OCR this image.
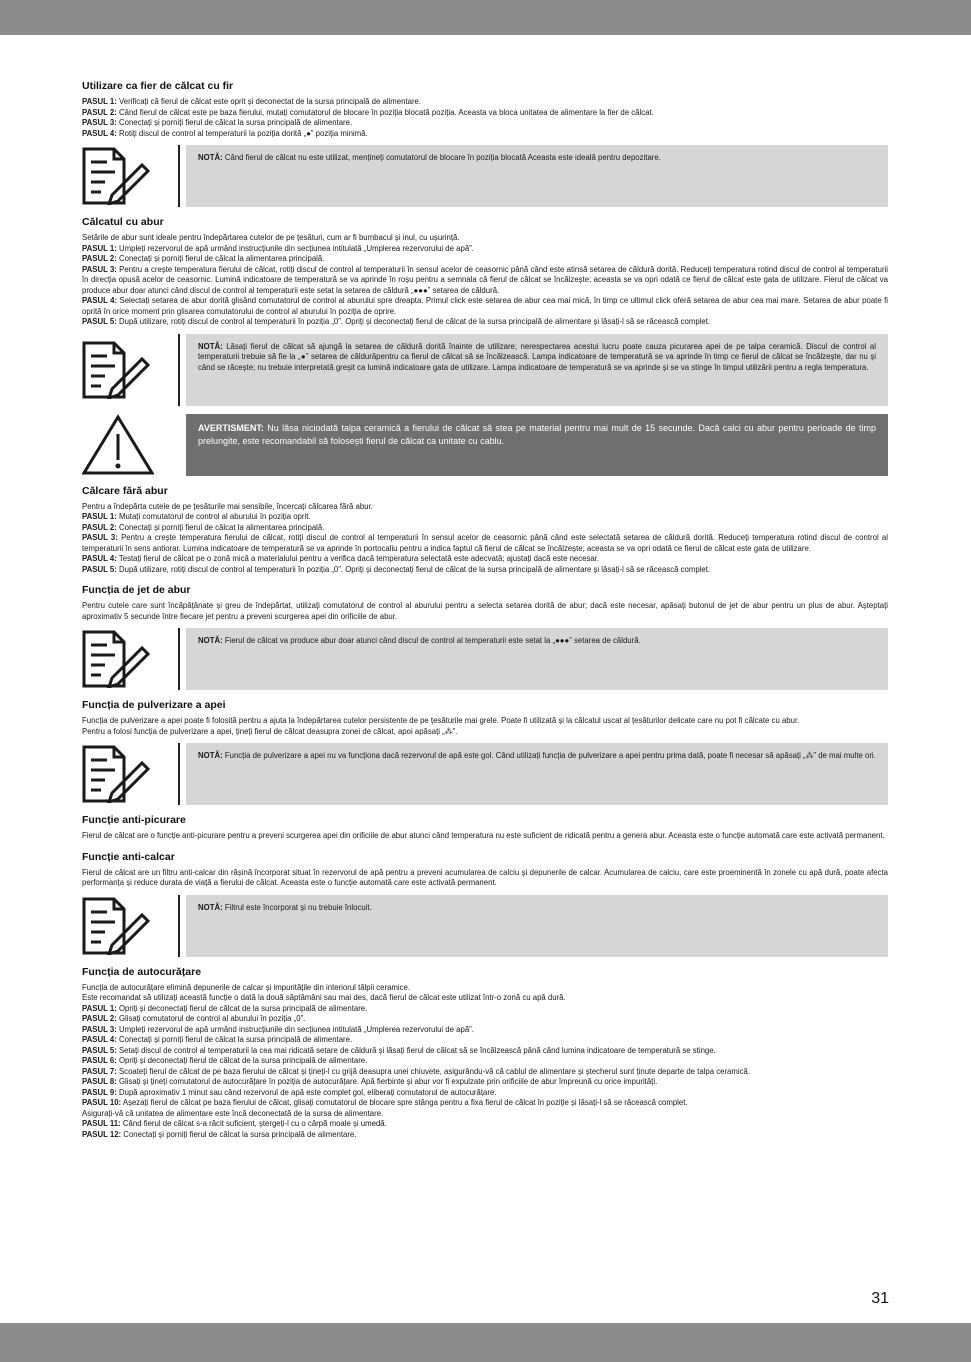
Utilizare ca fier de călcat cu fir

PASUL 1: Verificați că fierul de călcat este oprit și deconectat de la sursa principală de alimentare.

PASUL 2: Când fierul de călcat este pe baza fierului, mutați comutatorul de blocare în poziția blocată poziția. Aceasta va bloca unitatea de alimentare la fier de călcat.

PASUL 3: Conectați și porniți fierul de călcat la sursa principală de alimentare.

PASUL 4: Rotiți discul de control al temperaturii la poziția dorită „●” poziția minimă.

NOTĂ: Când fierul de călcat nu este utilizat, mențineți comutatorul de blocare în poziția blocată Aceasta este ideală pentru depozitare.
Călcatul cu abur

Setările de abur sunt ideale pentru îndepărtarea cutelor de pe țesături, cum ar fi bumbacul și inul, cu ușurință.

PASUL 1: Umpleți rezervorul de apă urmând instrucțiunile din secțiunea intitulată „Umplerea rezervorului de apă”.

PASUL 2: Conectați și porniți fierul de călcat la alimentarea principală.

PASUL 3: Pentru a crește temperatura fierului de călcat, rotiți discul de control al temperaturii în sensul acelor de ceasornic până când este atinsă setarea de căldură dorită. Reduceți temperatura rotind discul de control al temperaturii în direcția opusă acelor de ceasornic. Lumină indicatoare de temperatură se va aprinde în roșu pentru a semnala că fierul de călcat se încălzește; aceasta se va opri odată ce fierul de călcat este gata de utilizare. Fierul de călcat va produce abur doar atunci când discul de control al temperaturii este setat la setarea de căldură „●●●” setarea de căldură.

PASUL 4: Selectați setarea de abur dorită glisând comutatorul de control al aburului spre dreapta. Primul click este setarea de abur cea mai mică, în timp ce ultimul click oferă setarea de abur cea mai mare. Setarea de abur poate fi oprită în orice moment prin glisarea comutatorului de control al aburului în poziția de oprire.

PASUL 5: După utilizare, rotiți discul de control al temperaturii în poziția „0”. Opriți și deconectați fierul de călcat de la sursa principală de alimentare și lăsați-l să se răcească complet.

NOTĂ: Lăsați fierul de călcat să ajungă la setarea de căldură dorită înainte de utilizare; nerespectarea acestui lucru poate cauza picurarea apei de pe talpa ceramică. Discul de control al temperaturii trebuie să fie la „●” setarea de căldurăpentru ca fierul de călcat să se încălzească. Lampa indicatoare de temperatură se va aprinde în timp ce fierul de călcat se încălzește, dar nu și când se răcește; nu trebuie interpretată greșit ca lumină indicatoare gata de utilizare. Lampa indicatoare de temperatură se va aprinde și se va stinge în timpul utilizării pentru a regla temperatura.
AVERTISMENT: Nu lăsa niciodată talpa ceramică a fierului de călcat să stea pe material pentru mai mult de 15 secunde. Dacă calci cu abur pentru perioade de timp prelungite, este recomandabil să folosești fierul de călcat ca unitate cu cablu.
Călcare fără abur

Pentru a îndepărta cutele de pe țesăturile mai sensibile, încercați călcarea fără abur.

PASUL 1: Mutați comutatorul de control al aburului în poziția oprit.

PASUL 2: Conectați și porniți fierul de călcat la alimentarea principală.

PASUL 3: Pentru a crește temperatura fierului de călcat, rotiți discul de control al temperaturii în sensul acelor de ceasornic până când este selectată setarea de căldură dorită. Reduceți temperatura rotind discul de control al temperaturii în sens antiorar. Lumina indicatoare de temperatură se va aprinde în portocaliu pentru a indica faptul că fierul de călcat se încălzește; aceasta se va opri odată ce fierul de călcat este gata de utilizare.

PASUL 4: Testați fierul de călcat pe o zonă mică a materialului pentru a verifica dacă temperatura selectată este adecvată; ajustați dacă este necesar.

PASUL 5: După utilizare, rotiți discul de control al temperaturii în poziția „0”. Opriți și deconectați fierul de călcat de la sursa principală de alimentare și lăsați-l să se răcească complet.

Funcția de jet de abur

Pentru cutele care sunt încăpățânate și greu de îndepărtat, utilizați comutatorul de control al aburului pentru a selecta setarea dorită de abur; dacă este necesar, apăsați butonul de jet de abur pentru un plus de abur. Așteptați aproximativ 5 secunde între fiecare jet pentru a preveni scurgerea apei din orificiile de abur.

NOTĂ: Fierul de călcat va produce abur doar atunci când discul de control al temperaturii este setat la „●●●” setarea de căldură.
Funcția de pulverizare a apei

Funcția de pulverizare a apei poate fi folosită pentru a ajuta la îndepărtarea cutelor persistente de pe țesăturile mai grele. Poate fi utilizată și la călcatul uscat al țesăturilor delicate care nu pot fi călcate cu abur.

Pentru a folosi funcția de pulverizare a apei, țineți fierul de călcat deasupra zonei de călcat, apoi apăsați „⁂”.

NOTĂ: Funcția de pulverizare a apei nu va funcționa dacă rezervorul de apă este gol. Când utilizați funcția de pulverizare a apei pentru prima dată, poate fi necesar să apăsați „⁂” de mai multe ori.
Funcție anti-picurare

Fierul de călcat are o funcție anti-picurare pentru a preveni scurgerea apei din orificiile de abur atunci când temperatura nu este suficient de ridicată pentru a genera abur. Aceasta este o funcție automată care este activată permanent.

Funcție anti-calcar

Fierul de călcat are un filtru anti-calcar din rășină încorporat situat în rezervorul de apă pentru a preveni acumularea de calciu și depunerile de calcar. Acumularea de calciu, care este proeminentă în zonele cu apă dură, poate afecta performanța și reduce durata de viață a fierului de călcat. Aceasta este o funcție automată care este activată permanent.

NOTĂ: Filtrul este încorporat și nu trebuie înlocuit.
Funcția de autocurățare

Funcția de autocurățare elimină depunerile de calcar și impuritățile din interiorul tălpii ceramice.

Este recomandat să utilizați această funcție o dată la două săptămâni sau mai des, dacă fierul de călcat este utilizat într-o zonă cu apă dură.

PASUL 1: Opriți și deconectați fierul de călcat de la sursa principală de alimentare.

PASUL 2: Glisați comutatorul de control al aburului în poziția „0”.

PASUL 3: Umpleți rezervorul de apă urmând instrucțiunile din secțiunea intitulată „Umplerea rezervorului de apă”.

PASUL 4: Conectați și porniți fierul de călcat la sursa principală de alimentare.

PASUL 5: Setați discul de control al temperaturii la cea mai ridicată setare de căldură și lăsați fierul de călcat să se încălzească până când lumina indicatoare de temperatură se stinge.

PASUL 6: Opriți și deconectați fierul de călcat de la sursa principală de alimentare.

PASUL 7: Scoateți fierul de călcat de pe baza fierului de călcat și țineți-l cu grijă deasupra unei chiuvete, asigurându-vă că cablul de alimentare și ștecherul sunt ținute departe de talpa ceramică.

PASUL 8: Glisați și țineți comutatorul de autocurățare în poziția de autocurățare. Apă fierbinte și abur vor fi expulzate prin orificiile de abur împreună cu orice impurități.

PASUL 9: După aproximativ 1 minut sau când rezervorul de apă este complet gol, eliberați comutatorul de autocurățare.

PASUL 10: Așezați fierul de călcat pe baza fierului de călcat, glisați comutatorul de blocare spre stânga pentru a fixa fierul de călcat în poziție și lăsați-l să se răcească complet.

Asigurați-vă că unitatea de alimentare este încă deconectată de la sursa de alimentare.

PASUL 11: Când fierul de călcat s-a răcit suficient, ștergeți-l cu o cârpă moale și umedă.

PASUL 12: Conectați și porniți fierul de călcat la sursa principală de alimentare.

31
